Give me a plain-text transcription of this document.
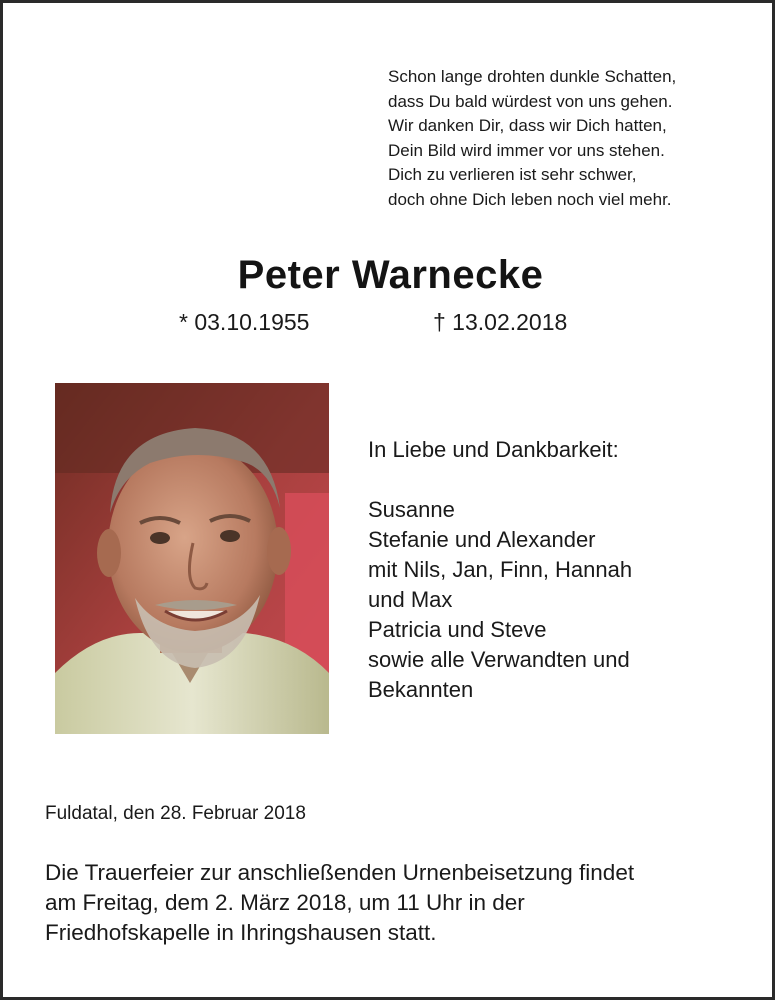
Schon lange drohten dunkle Schatten,
dass Du bald würdest von uns gehen.
Wir danken Dir, dass wir Dich hatten,
Dein Bild wird immer vor uns stehen.
Dich zu verlieren ist sehr schwer,
doch ohne Dich leben noch viel mehr.
Peter Warnecke
* 03.10.1955	† 13.02.2018
In Liebe und Dankbarkeit:
Susanne
Stefanie und Alexander
mit Nils, Jan, Finn, Hannah
und Max
Patricia und Steve
sowie alle Verwandten und
Bekannten
Fuldatal, den 28. Februar 2018
Die Trauerfeier zur anschließenden Urnenbeisetzung findet
am Freitag, dem 2. März 2018, um 11 Uhr in der
Friedhofskapelle in Ihringshausen statt.
